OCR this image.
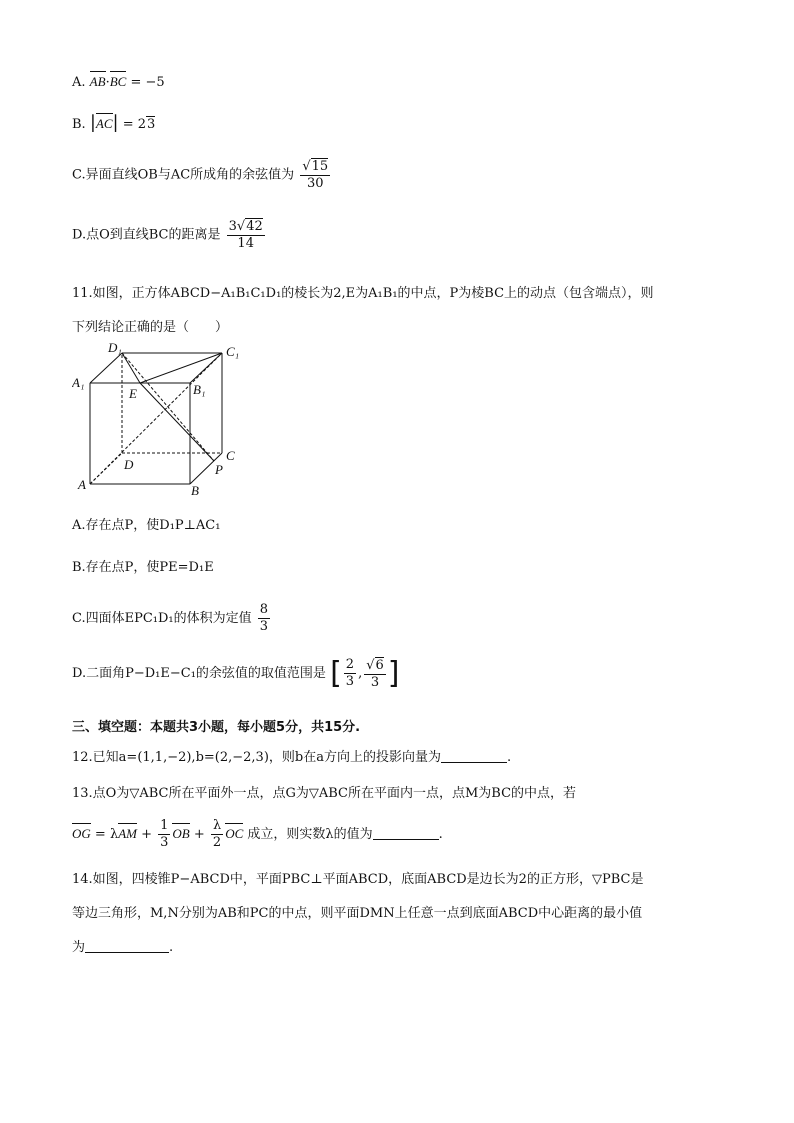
A. AB·BC = −5
B. |AC| = 23
C.异面直线OB与AC所成角的余弦值为 $\frac{√15}{30}$
D.点O到直线BC的距离是 $\frac{3√42}{14}$
11.如图，正方体ABCD−A₁B₁C₁D₁的棱长为2,E为A₁B₁的中点，P为棱BC上的动点（包含端点），则
下列结论正确的是（　　）
D₁	C₁
A₁	B₁
E
D
C
P
A	B
A.存在点P，使D₁P⊥AC₁
B.存在点P，使PE=D₁E
C.四面体EPC₁D₁的体积为定值 $\frac{8}{3}$
D.二面角P−D₁E−C₁的余弦值的取值范围是 [ $\frac{2}{3}$ , $\frac{√6}{3}$ ]
三、填空题：本题共3小题，每小题5分，共15分.
12.已知a=(1,1,−2),b=(2,−2,3)，则b在a方向上的投影向量为	.
13.点O为▽ABC所在平面外一点，点G为▽ABC所在平面内一点，点M为BC的中点，若
OG = $\lambda AM + \frac{1}{3}$ OB + $\frac{\lambda}{2}$ OC 成立，则实数λ的值为	.
14.如图，四棱锥P−ABCD中，平面PBC⊥平面ABCD，底面ABCD是边长为2的正方形，▽PBC是
等边三角形，M,N分别为AB和PC的中点，则平面DMN上任意一点到底面ABCD中心距离的最小值
为	.
